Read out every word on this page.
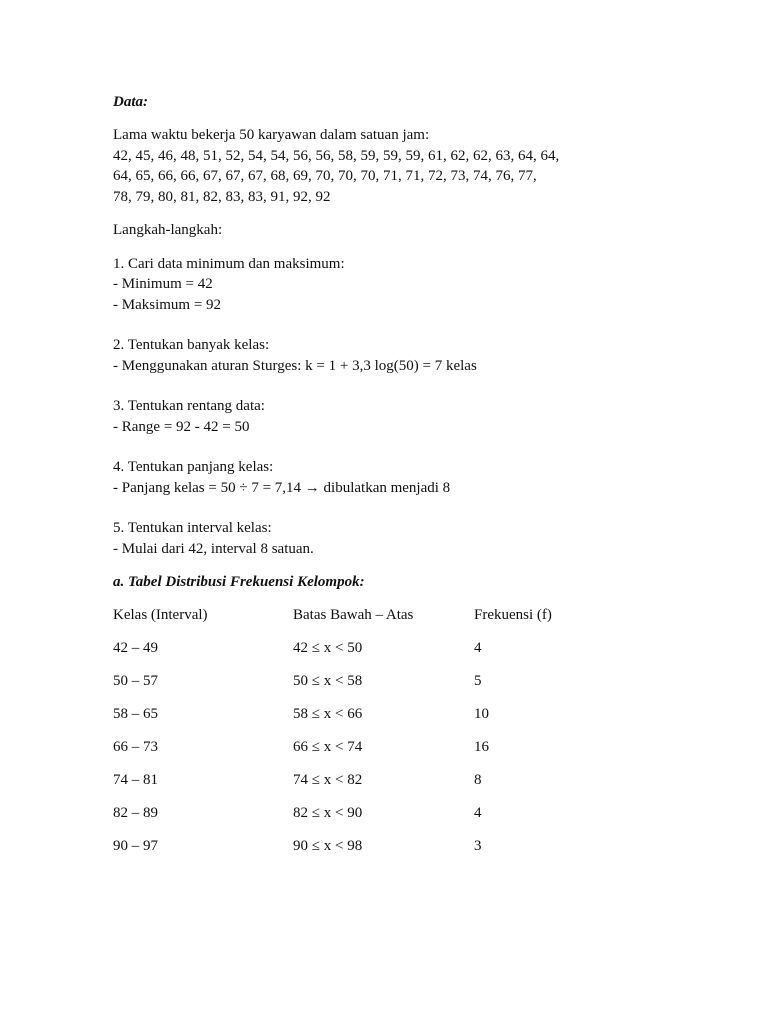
Data:

Lama waktu bekerja 50 karyawan dalam satuan jam:

42, 45, 46, 48, 51, 52, 54, 54, 56, 56, 58, 59, 59, 59, 61, 62, 62, 63, 64, 64,

64, 65, 66, 66, 67, 67, 67, 68, 69, 70, 70, 70, 71, 71, 72, 73, 74, 76, 77,

78, 79, 80, 81, 82, 83, 83, 91, 92, 92

Langkah-langkah:

1. Cari data minimum dan maksimum:

- Minimum = 42

- Maksimum = 92

2. Tentukan banyak kelas:

- Menggunakan aturan Sturges: k = 1 + 3,3 log(50) = 7 kelas

3. Tentukan rentang data:

- Range = 92 - 42 = 50

4. Tentukan panjang kelas:

- Panjang kelas = 50 ÷ 7 = 7,14 → dibulatkan menjadi 8

5. Tentukan interval kelas:

- Mulai dari 42, interval 8 satuan.

a. Tabel Distribusi Frekuensi Kelompok:

Kelas (Interval)	Batas Bawah – Atas	Frekuensi (f)
42 – 49	42 ≤ x < 50	4
50 – 57	50 ≤ x < 58	5
58 – 65	58 ≤ x < 66	10
66 – 73	66 ≤ x < 74	16
74 – 81	74 ≤ x < 82	8
82 – 89	82 ≤ x < 90	4
90 – 97	90 ≤ x < 98	3
